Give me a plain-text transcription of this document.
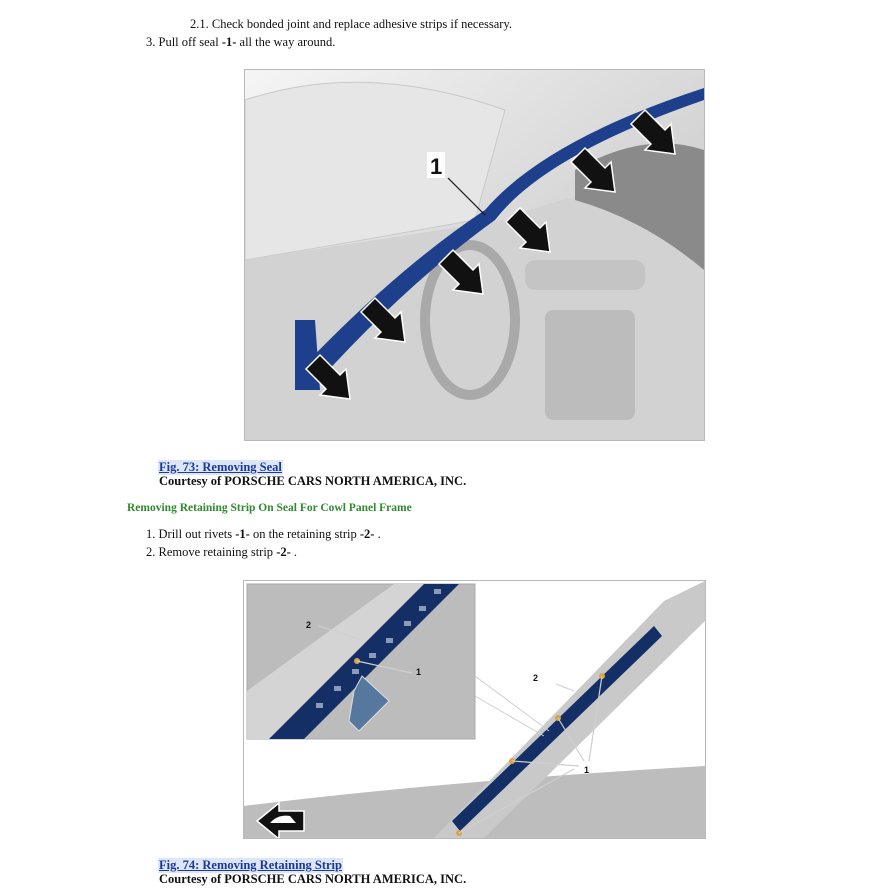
2.1. Check bonded joint and replace adhesive strips if necessary.
3. Pull off seal -1- all the way around.
1
Fig. 73: Removing Seal
Courtesy of PORSCHE CARS NORTH AMERICA, INC.
Removing Retaining Strip On Seal For Cowl Panel Frame
1. Drill out rivets -1- on the retaining strip -2- .
2. Remove retaining strip -2- .
2
1
2
1
Fig. 74: Removing Retaining Strip
Courtesy of PORSCHE CARS NORTH AMERICA, INC.
